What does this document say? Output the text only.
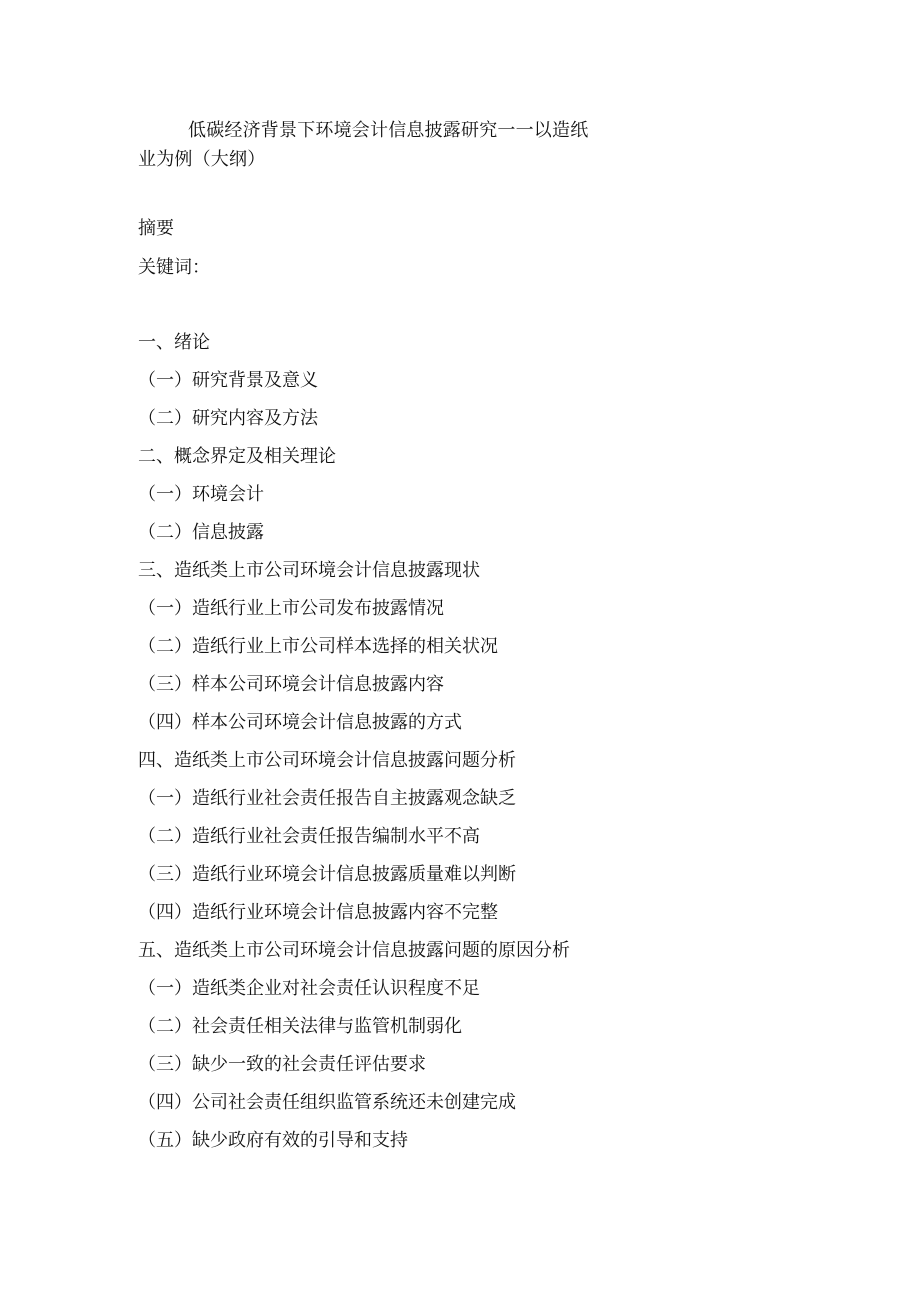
低碳经济背景下环境会计信息披露研究一一以造纸业为例（大纲）
摘要
关键词：
一、绪论
（一）研究背景及意义
（二）研究内容及方法
二、概念界定及相关理论
（一）环境会计
（二）信息披露
三、造纸类上市公司环境会计信息披露现状
（一）造纸行业上市公司发布披露情况
（二）造纸行业上市公司样本选择的相关状况
（三）样本公司环境会计信息披露内容
（四）样本公司环境会计信息披露的方式
四、造纸类上市公司环境会计信息披露问题分析
（一）造纸行业社会责任报告自主披露观念缺乏
（二）造纸行业社会责任报告编制水平不高
（三）造纸行业环境会计信息披露质量难以判断
（四）造纸行业环境会计信息披露内容不完整
五、造纸类上市公司环境会计信息披露问题的原因分析
（一）造纸类企业对社会责任认识程度不足
（二）社会责任相关法律与监管机制弱化
（三）缺少一致的社会责任评估要求
（四）公司社会责任组织监管系统还未创建完成
（五）缺少政府有效的引导和支持
